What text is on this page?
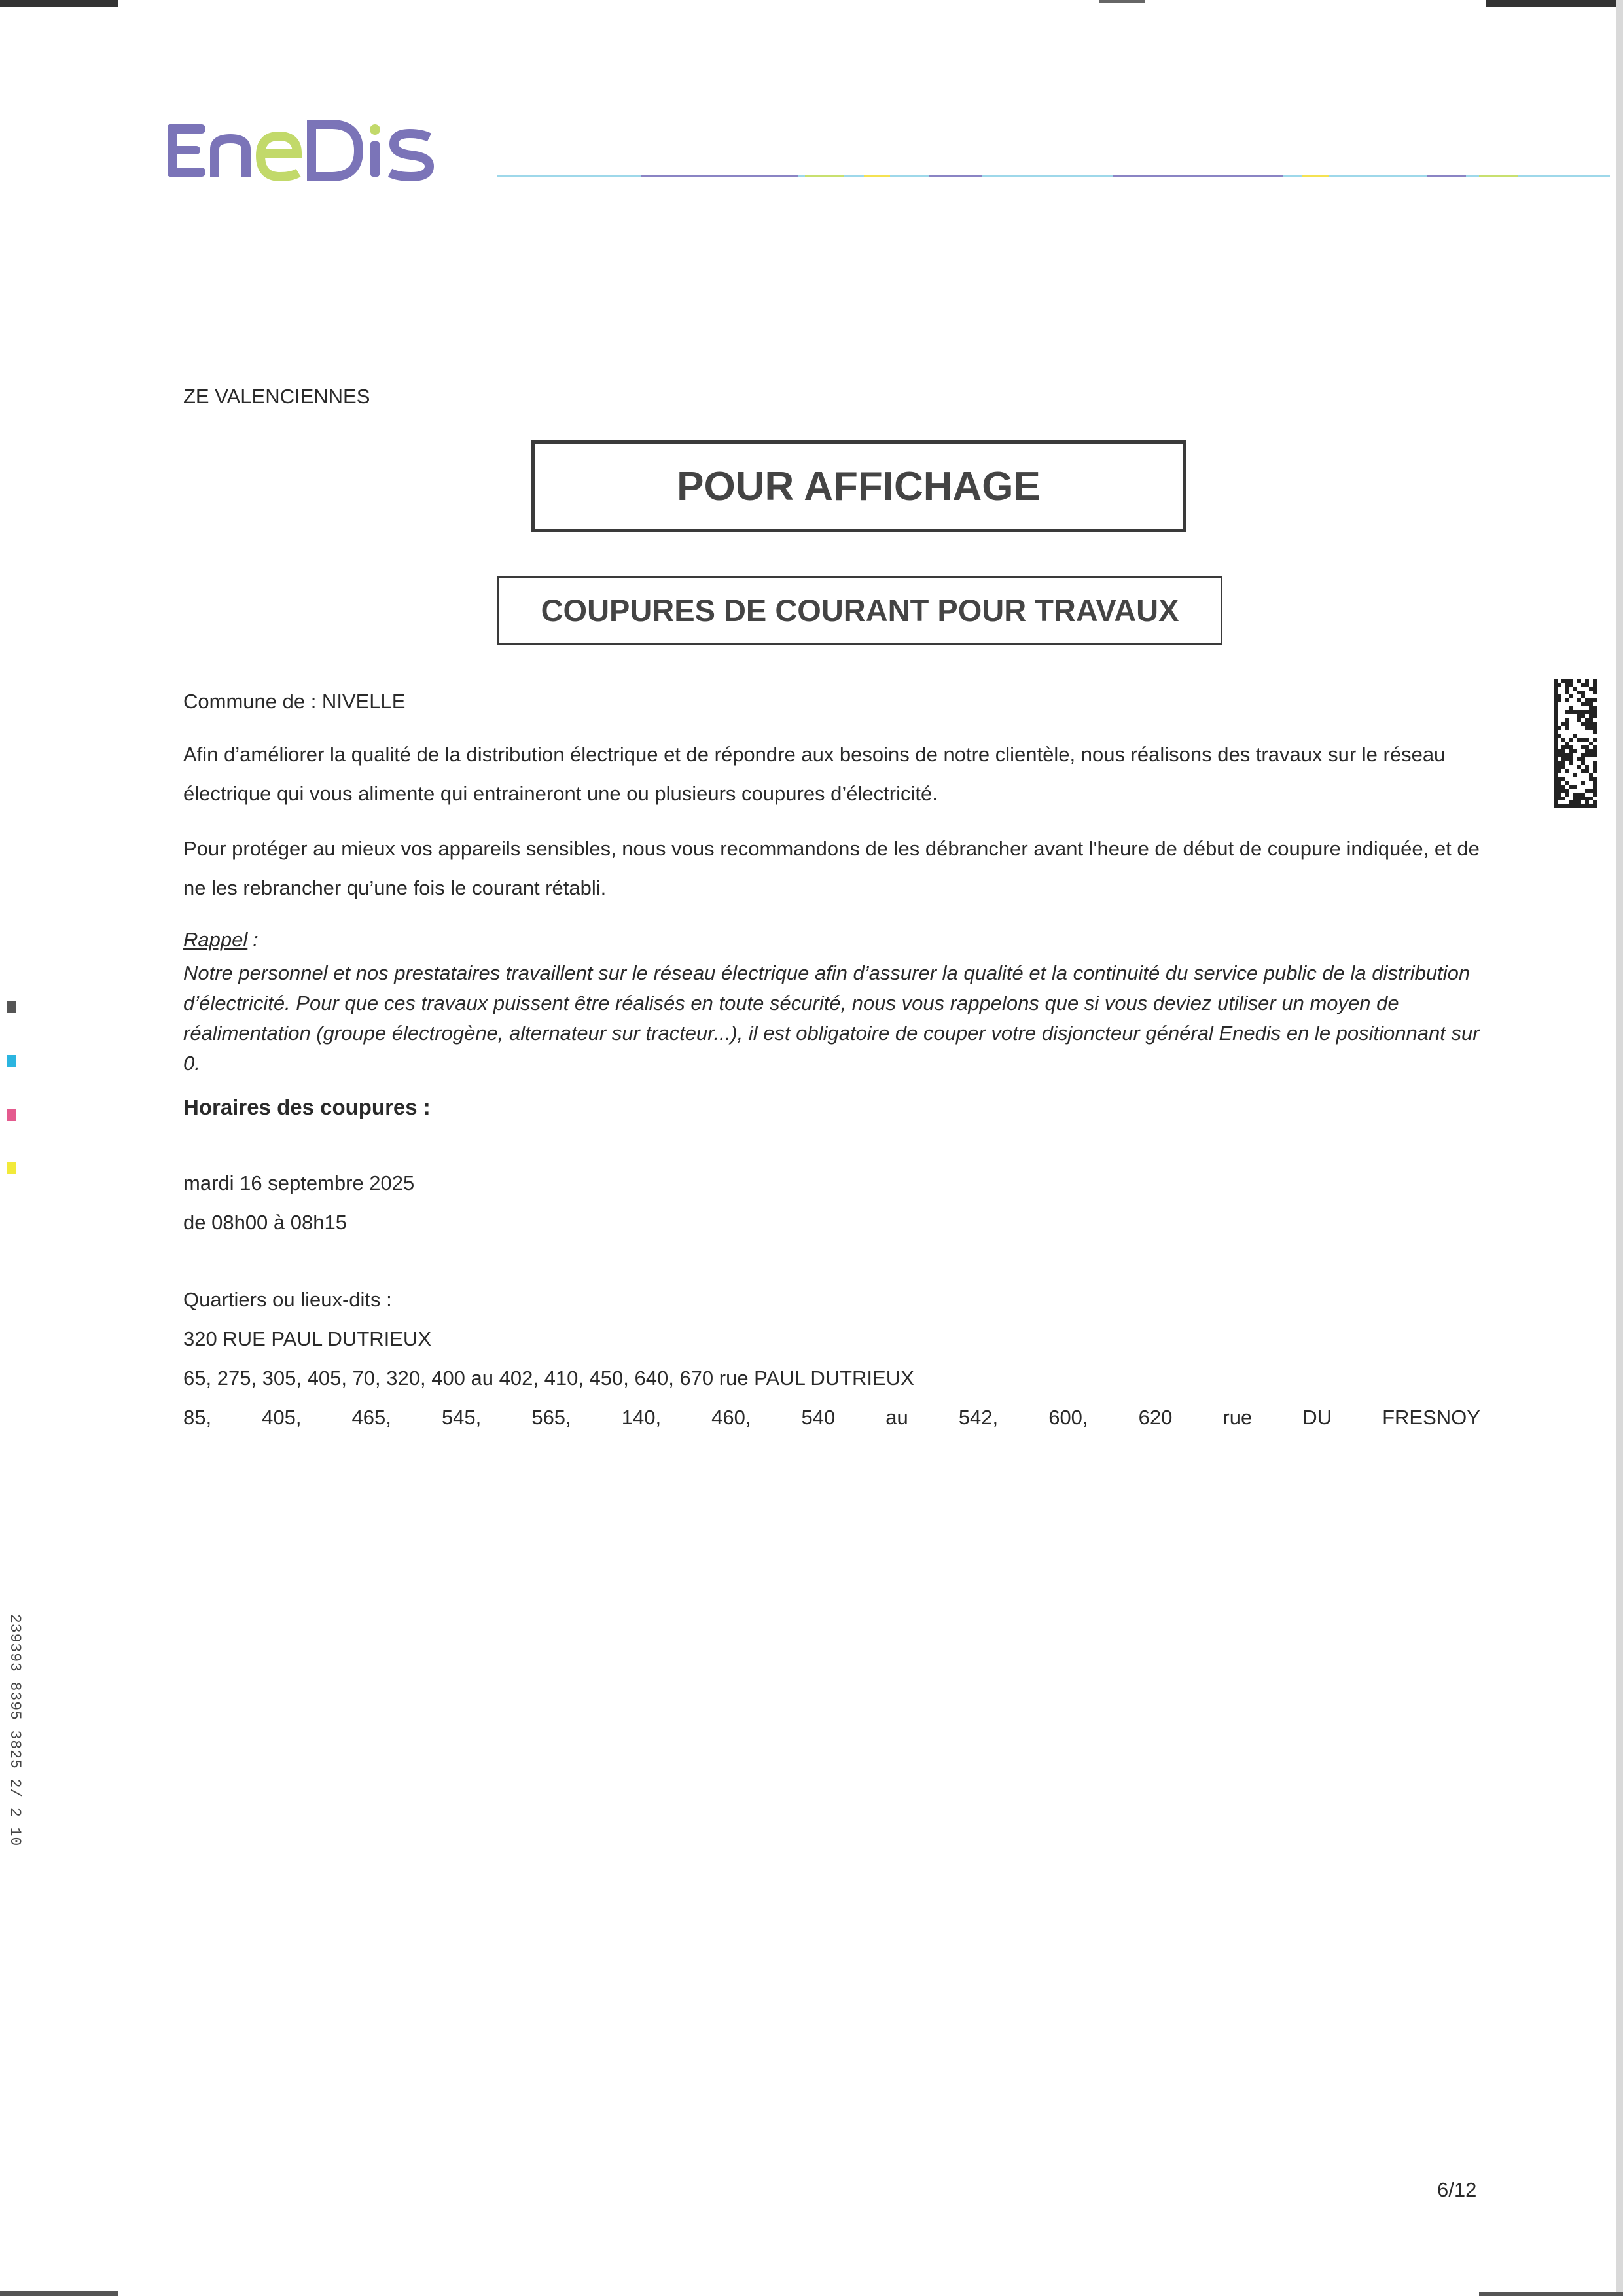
ZE VALENCIENNES
POUR AFFICHAGE
COUPURES DE COURANT POUR TRAVAUX
Commune de : NIVELLE
Afin d’améliorer la qualité de la distribution électrique et de répondre aux besoins de notre clientèle, nous réalisons des travaux sur le réseau électrique qui vous alimente qui entraineront une ou plusieurs coupures d’électricité.
Pour protéger au mieux vos appareils sensibles, nous vous recommandons de les débrancher avant l'heure de début de coupure indiquée, et de ne les rebrancher qu’une fois le courant rétabli.
Rappel :
Notre personnel et nos prestataires travaillent sur le réseau électrique afin d’assurer la qualité et la continuité du service public de la distribution d’électricité. Pour que ces travaux puissent être réalisés en toute sécurité, nous vous rappelons que si vous deviez utiliser un moyen de réalimentation (groupe électrogène, alternateur sur tracteur...), il est obligatoire de couper votre disjoncteur général Enedis en le positionnant sur 0.
Horaires des coupures :
mardi 16 septembre 2025
de 08h00 à 08h15
Quartiers ou lieux-dits :
320 RUE PAUL DUTRIEUX
65, 275, 305, 405, 70, 320, 400 au 402, 410, 450, 640, 670 rue PAUL DUTRIEUX
85, 405, 465, 545, 565, 140, 460, 540 au 542, 600, 620 rue DU FRESNOY
6/12
239393 8395 3825 2/ 2 10
